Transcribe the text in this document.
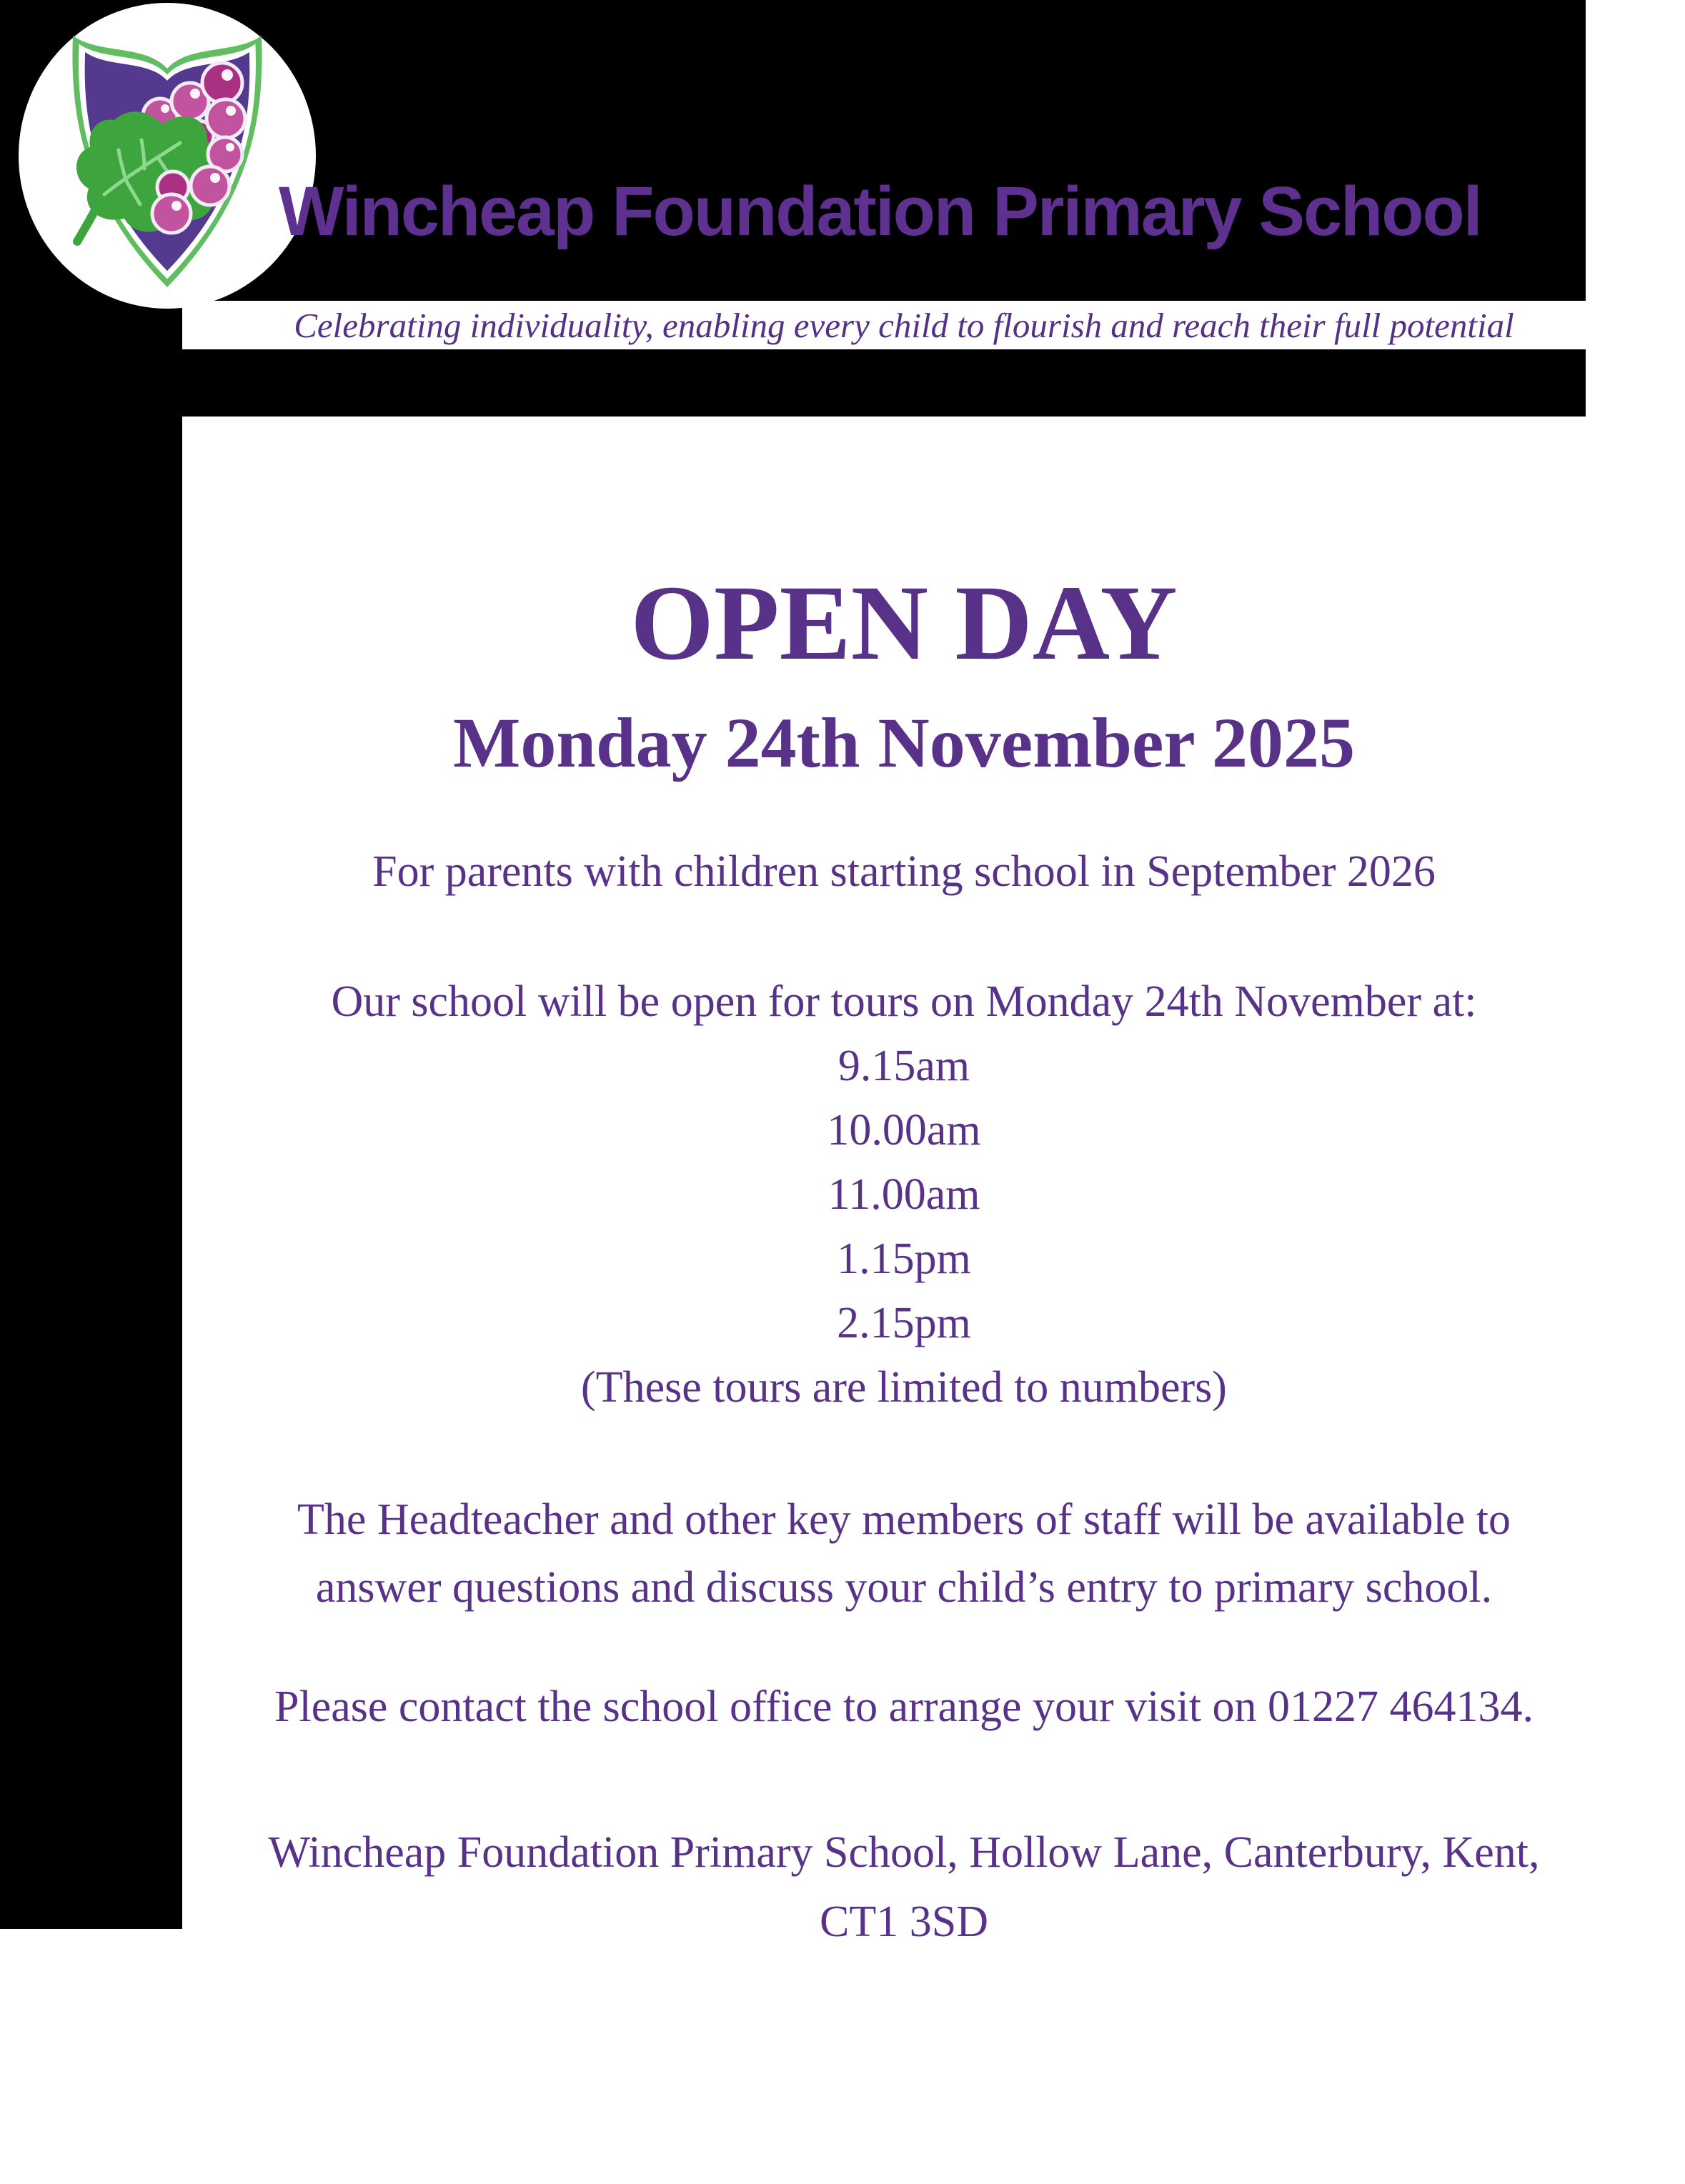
Celebrating individuality, enabling every child to flourish and reach their full potential
Wincheap Foundation Primary School
OPEN DAY
Monday 24th November 2025
For parents with children starting school in September 2026
Our school will be open for tours on Monday 24th November at:
9.15am
10.00am
11.00am
1.15pm
2.15pm
(These tours are limited to numbers)
The Headteacher and other key members of staff will be available to
answer questions and discuss your child’s entry to primary school.
Please contact the school office to arrange your visit on 01227 464134.
Wincheap Foundation Primary School, Hollow Lane, Canterbury, Kent,
CT1 3SD
